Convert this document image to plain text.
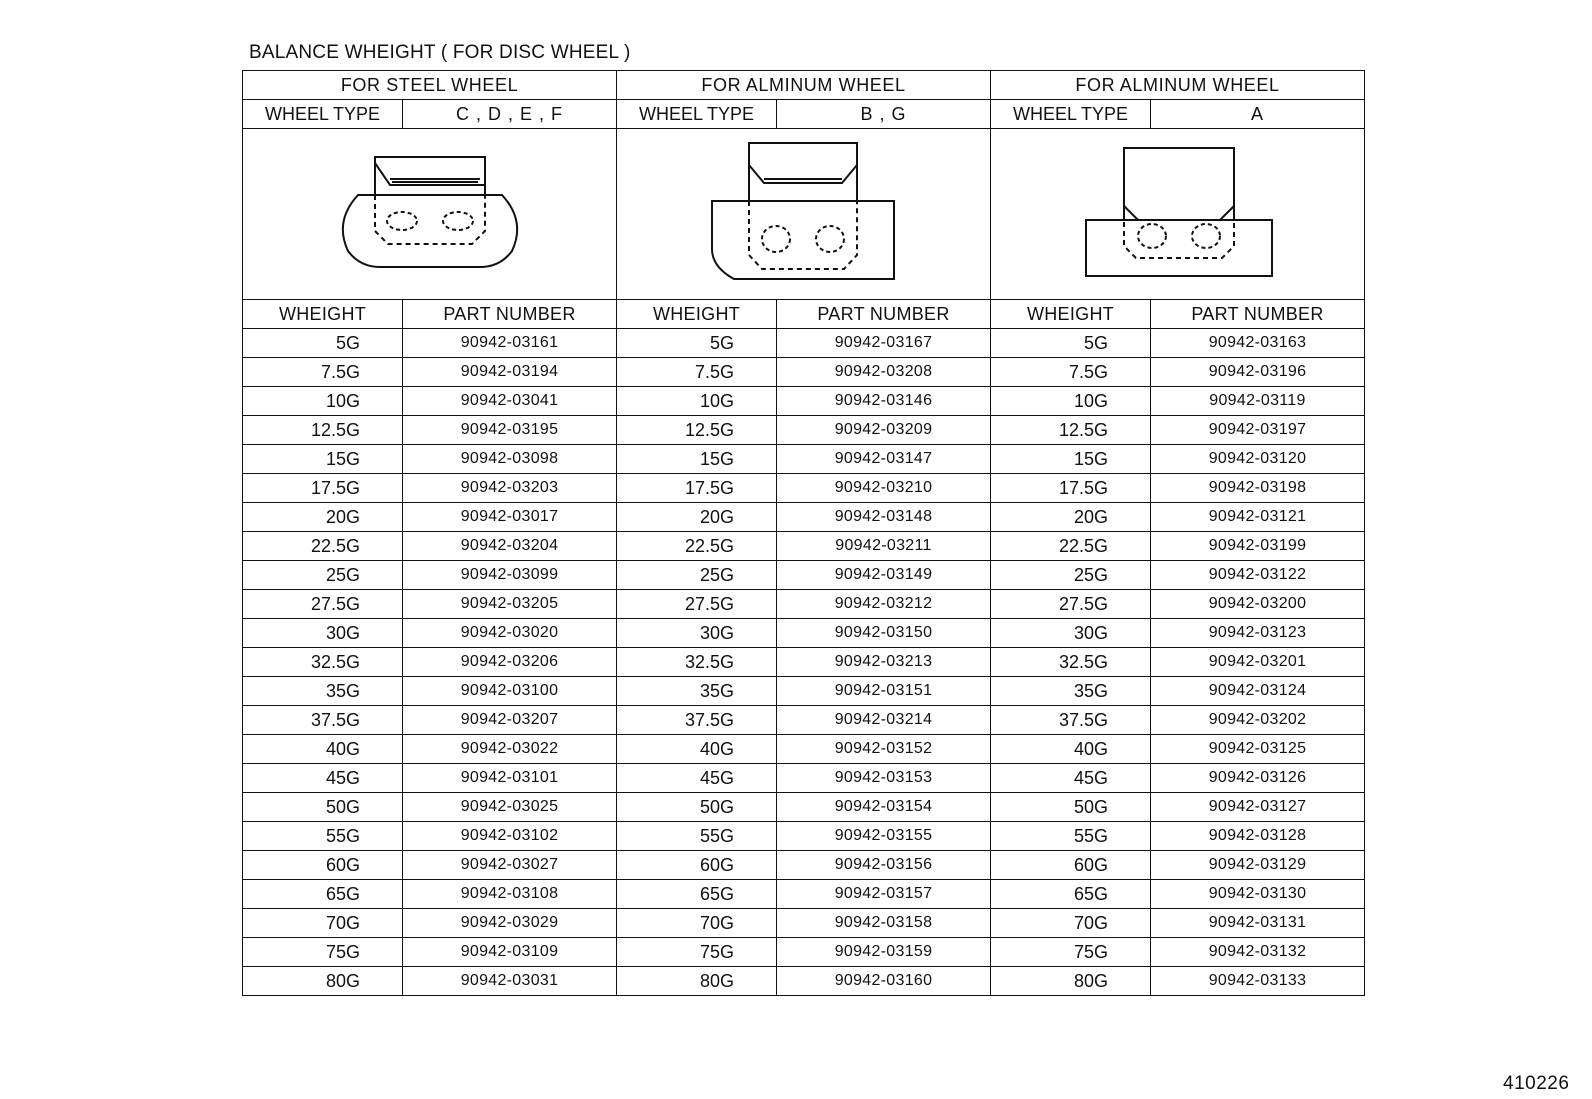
BALANCE WHEIGHT ( FOR DISC WHEEL )
FOR STEEL WHEEL		FOR ALMINUM WHEEL		FOR ALMINUM WHEEL	
WHEEL TYPE	C , D , E , F	WHEEL TYPE	B , G	WHEEL TYPE	A

WHEIGHT	PART NUMBER	WHEIGHT	PART NUMBER	WHEIGHT	PART NUMBER
5G	90942-03161	5G	90942-03167	5G	90942-03163
7.5G	90942-03194	7.5G	90942-03208	7.5G	90942-03196
10G	90942-03041	10G	90942-03146	10G	90942-03119
12.5G	90942-03195	12.5G	90942-03209	12.5G	90942-03197
15G	90942-03098	15G	90942-03147	15G	90942-03120
17.5G	90942-03203	17.5G	90942-03210	17.5G	90942-03198
20G	90942-03017	20G	90942-03148	20G	90942-03121
22.5G	90942-03204	22.5G	90942-03211	22.5G	90942-03199
25G	90942-03099	25G	90942-03149	25G	90942-03122
27.5G	90942-03205	27.5G	90942-03212	27.5G	90942-03200
30G	90942-03020	30G	90942-03150	30G	90942-03123
32.5G	90942-03206	32.5G	90942-03213	32.5G	90942-03201
35G	90942-03100	35G	90942-03151	35G	90942-03124
37.5G	90942-03207	37.5G	90942-03214	37.5G	90942-03202
40G	90942-03022	40G	90942-03152	40G	90942-03125
45G	90942-03101	45G	90942-03153	45G	90942-03126
50G	90942-03025	50G	90942-03154	50G	90942-03127
55G	90942-03102	55G	90942-03155	55G	90942-03128
60G	90942-03027	60G	90942-03156	60G	90942-03129
65G	90942-03108	65G	90942-03157	65G	90942-03130
70G	90942-03029	70G	90942-03158	70G	90942-03131
75G	90942-03109	75G	90942-03159	75G	90942-03132
80G	90942-03031	80G	90942-03160	80G	90942-03133
410226
